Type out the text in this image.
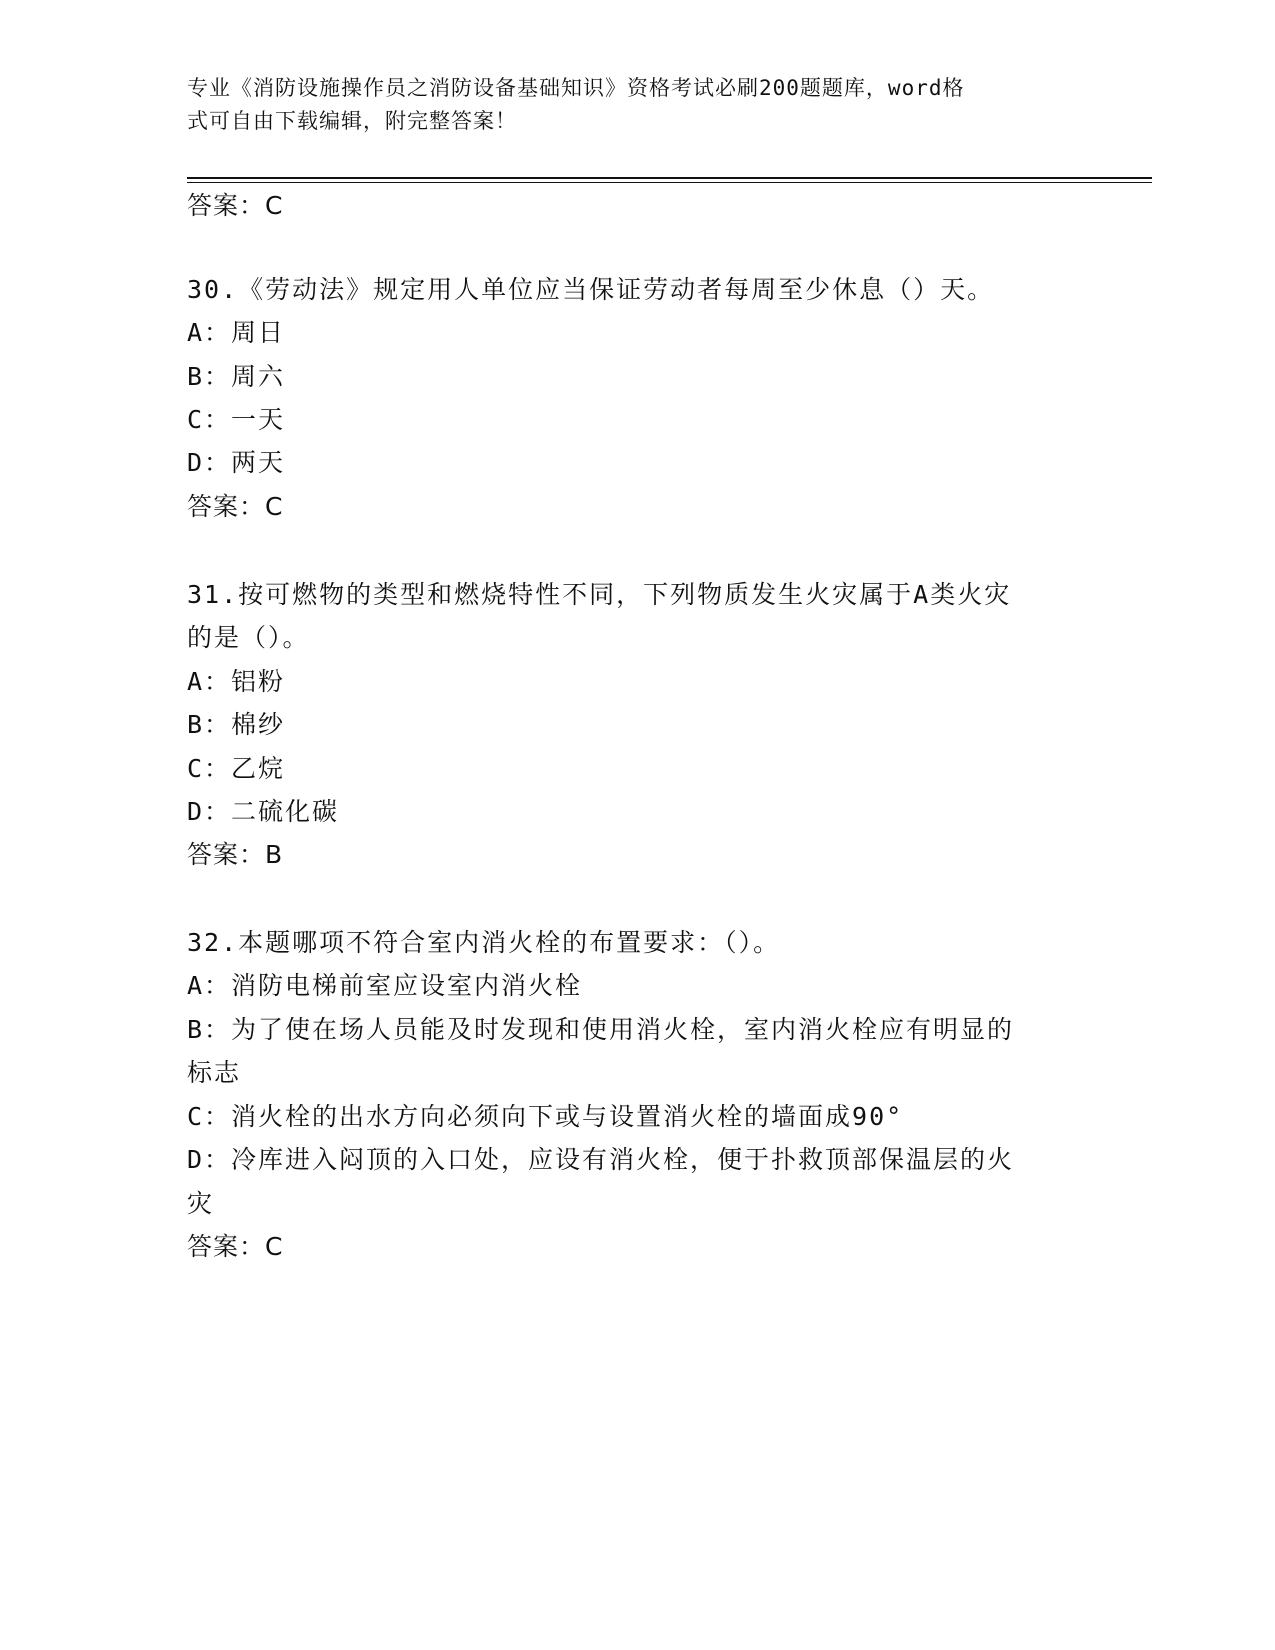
专业《消防设施操作员之消防设备基础知识》资格考试必刷200题题库，word格
式可自由下载编辑，附完整答案！
答案：C
30.《劳动法》规定用人单位应当保证劳动者每周至少休息（）天。
A：周日
B：周六
C：一天
D：两天
答案：C
31.按可燃物的类型和燃烧特性不同，下列物质发生火灾属于A类火灾
的是（）。
A：铝粉
B：棉纱
C：乙烷
D：二硫化碳
答案：B
32.本题哪项不符合室内消火栓的布置要求：（）。
A：消防电梯前室应设室内消火栓
B：为了使在场人员能及时发现和使用消火栓，室内消火栓应有明显的
标志
C：消火栓的出水方向必须向下或与设置消火栓的墙面成90°
D：冷库进入闷顶的入口处，应设有消火栓，便于扑救顶部保温层的火
灾
答案：C
